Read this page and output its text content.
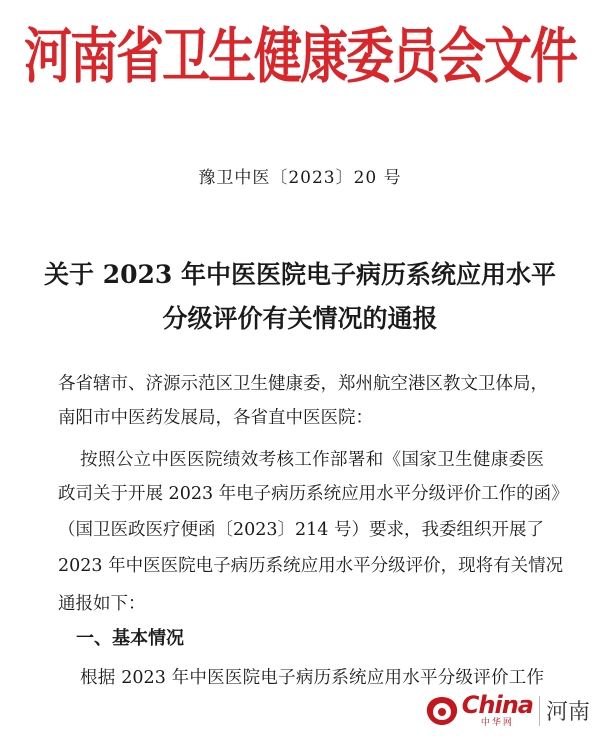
河南省卫生健康委员会文件
豫卫中医〔2023〕20 号
关于 2023 年中医医院电子病历系统应用水平
分级评价有关情况的通报
各省辖市、济源示范区卫生健康委，郑州航空港区教文卫体局，
南阳市中医药发展局，各省直中医医院：
按照公立中医医院绩效考核工作部署和《国家卫生健康委医
政司关于开展 2023 年电子病历系统应用水平分级评价工作的函》
（国卫医政医疗便函〔2023〕214 号）要求，我委组织开展了
2023 年中医医院电子病历系统应用水平分级评价，现将有关情况
通报如下：
一、基本情况
根据 2023 年中医医院电子病历系统应用水平分级评价工作
China
中华网	河南
